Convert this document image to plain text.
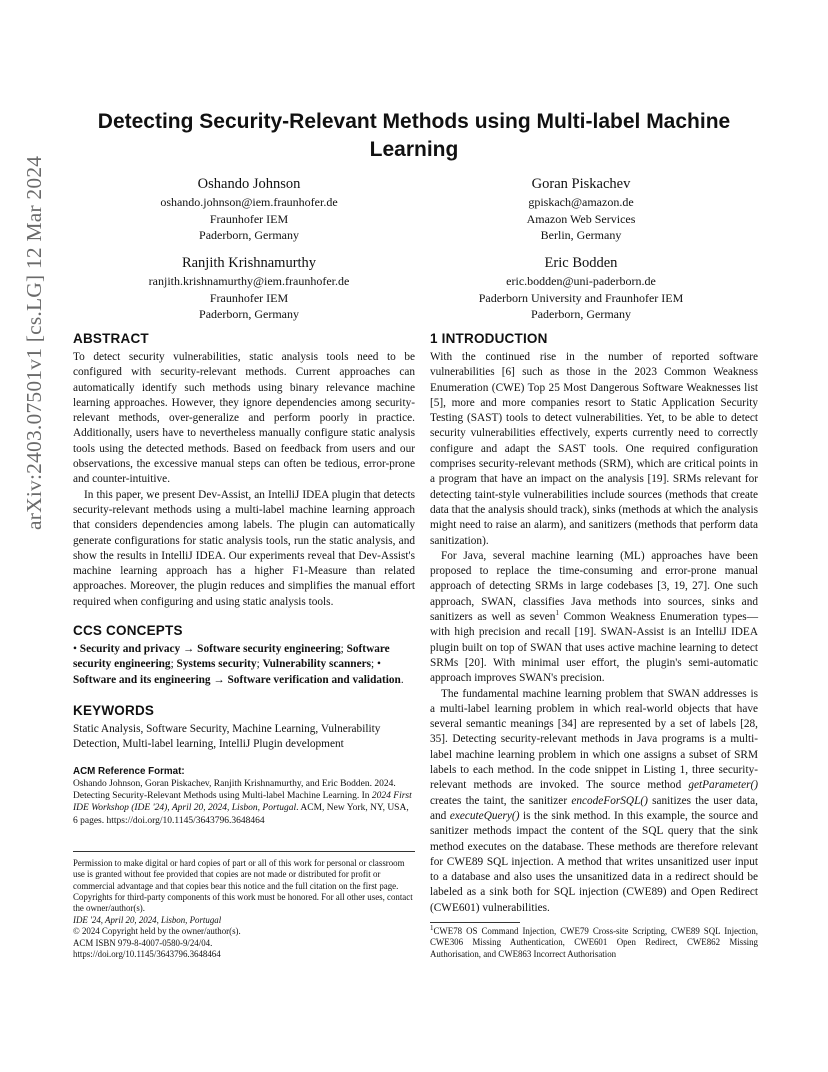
arXiv:2403.07501v1 [cs.LG] 12 Mar 2024
Detecting Security-Relevant Methods using Multi-label Machine Learning
Oshando Johnson
oshando.johnson@iem.fraunhofer.de
Fraunhofer IEM
Paderborn, Germany
Goran Piskachev
gpiskach@amazon.de
Amazon Web Services
Berlin, Germany
Ranjith Krishnamurthy
ranjith.krishnamurthy@iem.fraunhofer.de
Fraunhofer IEM
Paderborn, Germany
Eric Bodden
eric.bodden@uni-paderborn.de
Paderborn University and Fraunhofer IEM
Paderborn, Germany
ABSTRACT

To detect security vulnerabilities, static analysis tools need to be configured with security-relevant methods. Current approaches can automatically identify such methods using binary relevance machine learning approaches. However, they ignore dependencies among security-relevant methods, over-generalize and perform poorly in practice. Additionally, users have to nevertheless manually configure static analysis tools using the detected methods. Based on feedback from users and our observations, the excessive manual steps can often be tedious, error-prone and counter-intuitive.

In this paper, we present Dev-Assist, an IntelliJ IDEA plugin that detects security-relevant methods using a multi-label machine learning approach that considers dependencies among labels. The plugin can automatically generate configurations for static analysis tools, run the static analysis, and show the results in IntelliJ IDEA. Our experiments reveal that Dev-Assist's machine learning approach has a higher F1-Measure than related approaches. Moreover, the plugin reduces and simplifies the manual effort required when configuring and using static analysis tools.

CCS CONCEPTS

• Security and privacy → Software security engineering; Software security engineering; Systems security; Vulnerability scanners; • Software and its engineering → Software verification and validation.

KEYWORDS

Static Analysis, Software Security, Machine Learning, Vulnerability Detection, Multi-label learning, IntelliJ Plugin development

ACM Reference Format:

Oshando Johnson, Goran Piskachev, Ranjith Krishnamurthy, and Eric Bodden. 2024. Detecting Security-Relevant Methods using Multi-label Machine Learning. In 2024 First IDE Workshop (IDE '24), April 20, 2024, Lisbon, Portugal. ACM, New York, NY, USA, 6 pages. https://doi.org/10.1145/3643796.3648464

Permission to make digital or hard copies of part or all of this work for personal or classroom use is granted without fee provided that copies are not made or distributed for profit or commercial advantage and that copies bear this notice and the full citation on the first page. Copyrights for third-party components of this work must be honored. For all other uses, contact the owner/author(s).

IDE '24, April 20, 2024, Lisbon, Portugal

© 2024 Copyright held by the owner/author(s).

ACM ISBN 979-8-4007-0580-9/24/04.

https://doi.org/10.1145/3643796.3648464

1 INTRODUCTION

With the continued rise in the number of reported software vulnerabilities [6] such as those in the 2023 Common Weakness Enumeration (CWE) Top 25 Most Dangerous Software Weaknesses list [5], more and more companies resort to Static Application Security Testing (SAST) tools to detect vulnerabilities. Yet, to be able to detect security vulnerabilities effectively, experts currently need to correctly configure and adapt the SAST tools. One required configuration comprises security-relevant methods (SRM), which are critical points in a program that have an impact on the analysis [19]. SRMs relevant for detecting taint-style vulnerabilities include sources (methods that create data that the analysis should track), sinks (methods at which the analysis might need to raise an alarm), and sanitizers (methods that perform data sanitization).

For Java, several machine learning (ML) approaches have been proposed to replace the time-consuming and error-prone manual approach of detecting SRMs in large codebases [3, 19, 27]. One such approach, SWAN, classifies Java methods into sources, sinks and sanitizers as well as seven$^1$ Common Weakness Enumeration types—with high precision and recall [19]. SWAN-Assist is an IntelliJ IDEA plugin built on top of SWAN that uses active machine learning to detect SRMs [20]. With minimal user effort, the plugin's semi-automatic approach improves SWAN's precision.

The fundamental machine learning problem that SWAN addresses is a multi-label learning problem in which real-world objects that have several semantic meanings [34] are represented by a set of labels [28, 35]. Detecting security-relevant methods in Java programs is a multi-label machine learning problem in which one assigns a subset of SRM labels to each method. In the code snippet in Listing 1, three security-relevant methods are invoked. The source method getParameter() creates the taint, the sanitizer encodeForSQL() sanitizes the user data, and executeQuery() is the sink method. In this example, the source and sanitizer methods impact the content of the SQL query that the sink method executes on the database. These methods are therefore relevant for CWE89 SQL injection. A method that writes unsanitized user input to a database and also uses the unsanitized data in a redirect should be labeled as a sink both for SQL injection (CWE89) and Open Redirect (CWE601) vulnerabilities.

$^1$CWE78 OS Command Injection, CWE79 Cross-site Scripting, CWE89 SQL Injection, CWE306 Missing Authentication, CWE601 Open Redirect, CWE862 Missing Authorisation, and CWE863 Incorrect Authorisation
